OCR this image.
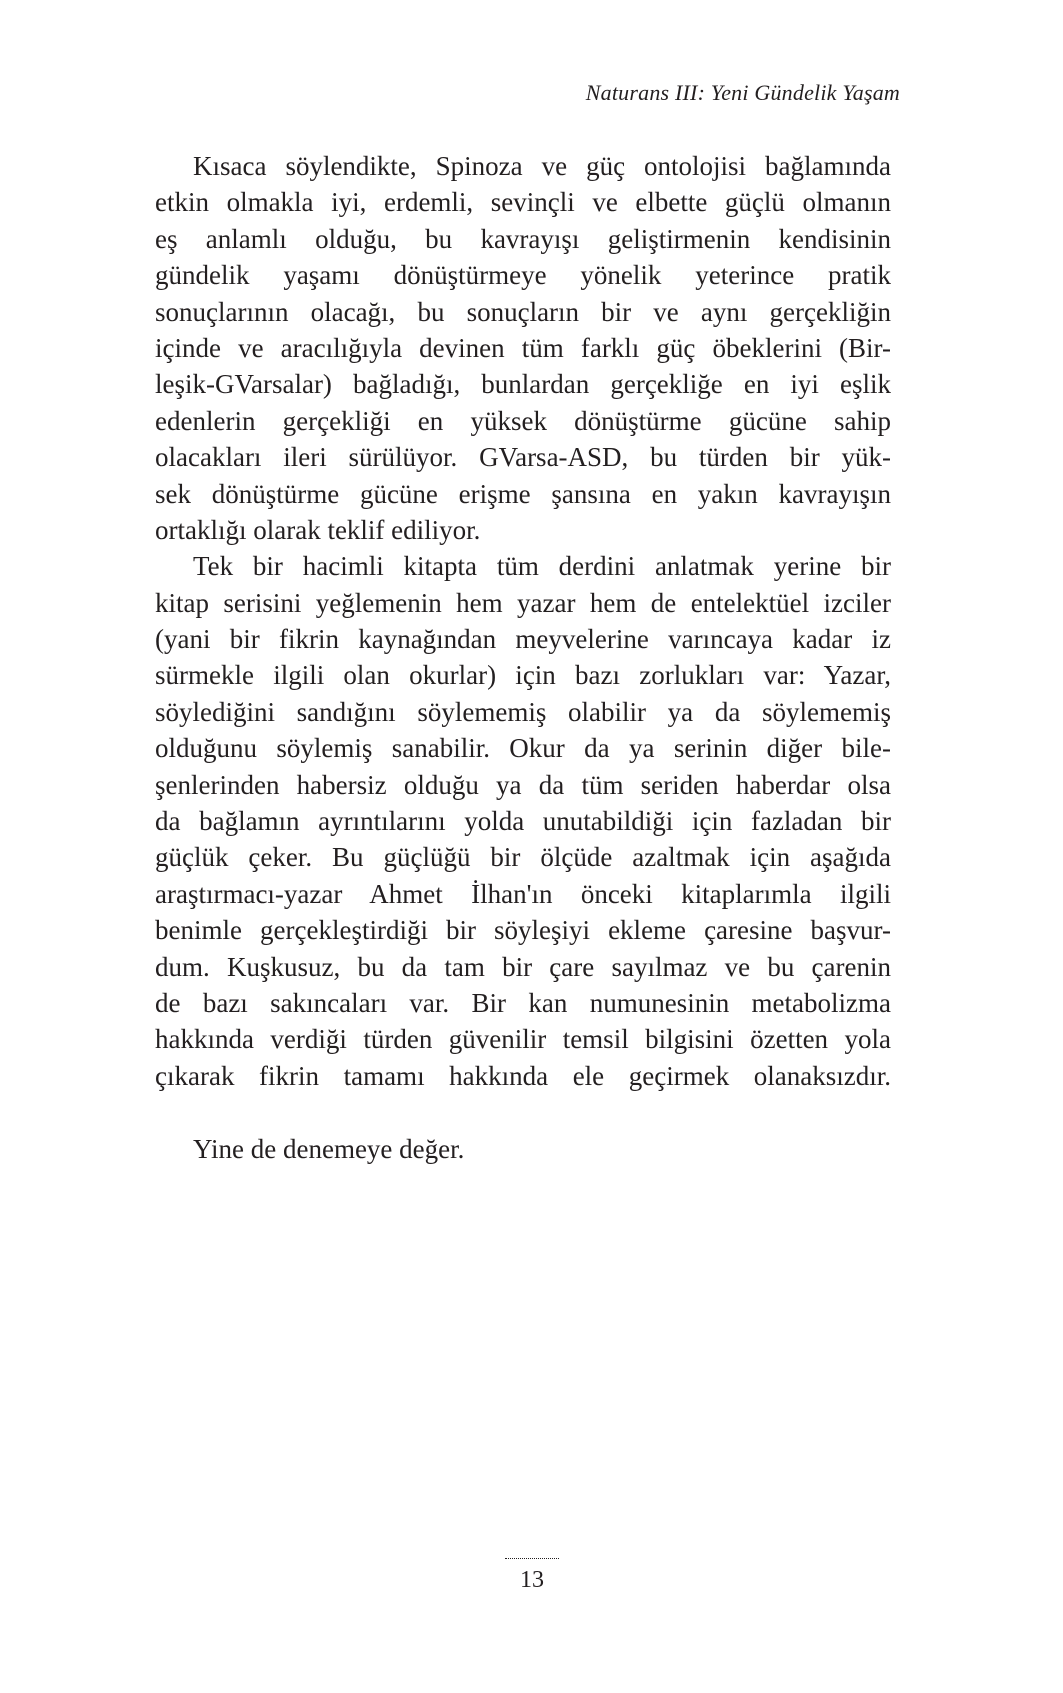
Naturans III: Yeni Gündelik Yaşam
Kısaca söylendikte, Spinoza ve güç ontolojisi bağlamında
etkin olmakla iyi, erdemli, sevinçli ve elbette güçlü olmanın
eş anlamlı olduğu, bu kavrayışı geliştirmenin kendisinin
gündelik yaşamı dönüştürmeye yönelik yeterince pratik
sonuçlarının olacağı, bu sonuçların bir ve aynı gerçekliğin
içinde ve aracılığıyla devinen tüm farklı güç öbeklerini (Bir-
leşik-GVarsalar) bağladığı, bunlardan gerçekliğe en iyi eşlik
edenlerin gerçekliği en yüksek dönüştürme gücüne sahip
olacakları ileri sürülüyor. GVarsa-ASD, bu türden bir yük-
sek dönüştürme gücüne erişme şansına en yakın kavrayışın
ortaklığı olarak teklif ediliyor.
Tek bir hacimli kitapta tüm derdini anlatmak yerine bir
kitap serisini yeğlemenin hem yazar hem de entelektüel izciler
(yani bir fikrin kaynağından meyvelerine varıncaya kadar iz
sürmekle ilgili olan okurlar) için bazı zorlukları var: Yazar,
söylediğini sandığını söylememiş olabilir ya da söylememiş
olduğunu söylemiş sanabilir. Okur da ya serinin diğer bile-
şenlerinden habersiz olduğu ya da tüm seriden haberdar olsa
da bağlamın ayrıntılarını yolda unutabildiği için fazladan bir
güçlük çeker. Bu güçlüğü bir ölçüde azaltmak için aşağıda
araştırmacı-yazar Ahmet İlhan'ın önceki kitaplarımla ilgili
benimle gerçekleştirdiği bir söyleşiyi ekleme çaresine başvur-
dum. Kuşkusuz, bu da tam bir çare sayılmaz ve bu çarenin
de bazı sakıncaları var. Bir kan numunesinin metabolizma
hakkında verdiği türden güvenilir temsil bilgisini özetten yola
çıkarak fikrin tamamı hakkında ele geçirmek olanaksızdır.
Yine de denemeye değer.
13
